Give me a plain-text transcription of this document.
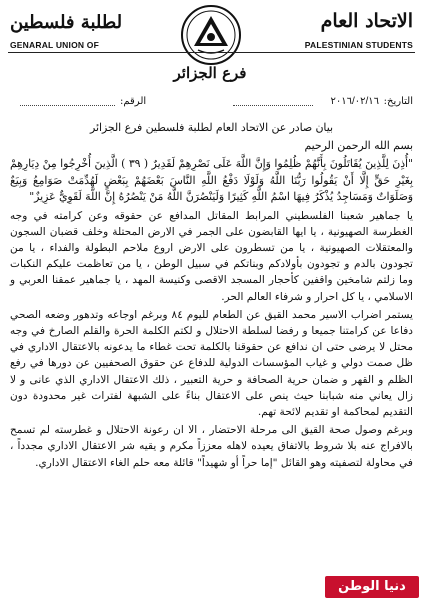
لطلبة فلسطين	الاتحاد العام
GENARAL UNION OF	PALESTINIAN STUDENTS
فرع الجزائر
التاريخ:
٢٠١٦/٠٢/١٦
الرقم:

بيان صادر عن الاتحاد العام لطلبة فلسطين فرع الجزائر

بسم الله الرحمن الرحيم

"أُذِنَ لِلَّذِينَ يُقَاتَلُونَ بِأَنَّهُمْ ظُلِمُوا وَإِنَّ اللَّهَ عَلَى نَصْرِهِمْ لَقَدِيرٌ ( ٣٩ ) الَّذِينَ أُخْرِجُوا مِنْ دِيَارِهِمْ بِغَيْرِ حَقٍّ إِلَّا أَنْ يَقُولُوا رَبُّنَا اللَّهُ وَلَوْلَا دَفْعُ اللَّهِ النَّاسَ بَعْضَهُمْ بِبَعْضٍ لَهُدِّمَتْ صَوَامِعُ وَبِيَعٌ وَصَلَوَاتٌ وَمَسَاجِدُ يُذْكَرُ فِيهَا اسْمُ اللَّهِ كَثِيرًا وَلَيَنْصُرَنَّ اللَّهُ مَنْ يَنْصُرُهُ إِنَّ اللَّهَ لَقَوِيٌّ عَزِيزٌ"

يا جماهير شعبنا الفلسطيني المرابط المقاتل المدافع عن حقوقه وعن كرامته في وجه الغطرسة الصهيونية ، يا ايها القابضون على الجمر في الارض المحتلة وخلف قضبان السجون والمعتقلات الصهيونية ، يا من تسطرون على الارض اروع ملاحم البطولة والفداء ، يا من تجودون بالدم و تجودون بأولادكم وبناتكم في سبيل الوطن ، يا من تعاظمت عليكم النكبات وما زلتم شامخين واقفين كأحجار المسجد الاقصى وكنيسة المهد ، يا جماهير عمقنا العربي و الاسلامي ، يا كل احرار و شرفاء العالم الحر.

يستمر اضراب الاسير محمد القيق عن الطعام لليوم ٨٤ وبرغم اوجاعه وتدهور وضعه الصحي دفاعا عن كرامتنا جميعا و رفضا لسلطة الاحتلال و لكتم الكلمة الحرة والقلم الصارخ في وجه محتل لا يرضى حتى ان ندافع عن حقوقنا بالكلمة تحت غطاء ما يدعونه بالاعتقال الاداري في ظل صمت دولي و غياب المؤسسات الدولية للدفاع عن حقوق الصحفيين عن دورها في رفع الظلم و القهر و ضمان حرية الصحافة و حرية التعبير ، ذلك الاعتقال الاداري الذي عانى و لا زال يعاني منه شبابنا حيث ينص على الاعتقال بناءً على الشبهة لفترات غير محدودة دون التقديم لمحاكمة او تقديم لائحة تهم.

وبرغم وصول صحة القيق الى مرحلة الاحتضار ، الا ان رعونة الاحتلال و غطرسته لم تسمح بالافراج عنه بلا شروط بالاتفاق يعيده لاهله معززاً مكرم و يقيه شر الاعتقال الاداري مجدداً ، في محاولة لتصفيته وهو القائل "إما حراً أو شهيداً" قائلة معه حلم الغاء الاعتقال الاداري.

دنيا الوطن
